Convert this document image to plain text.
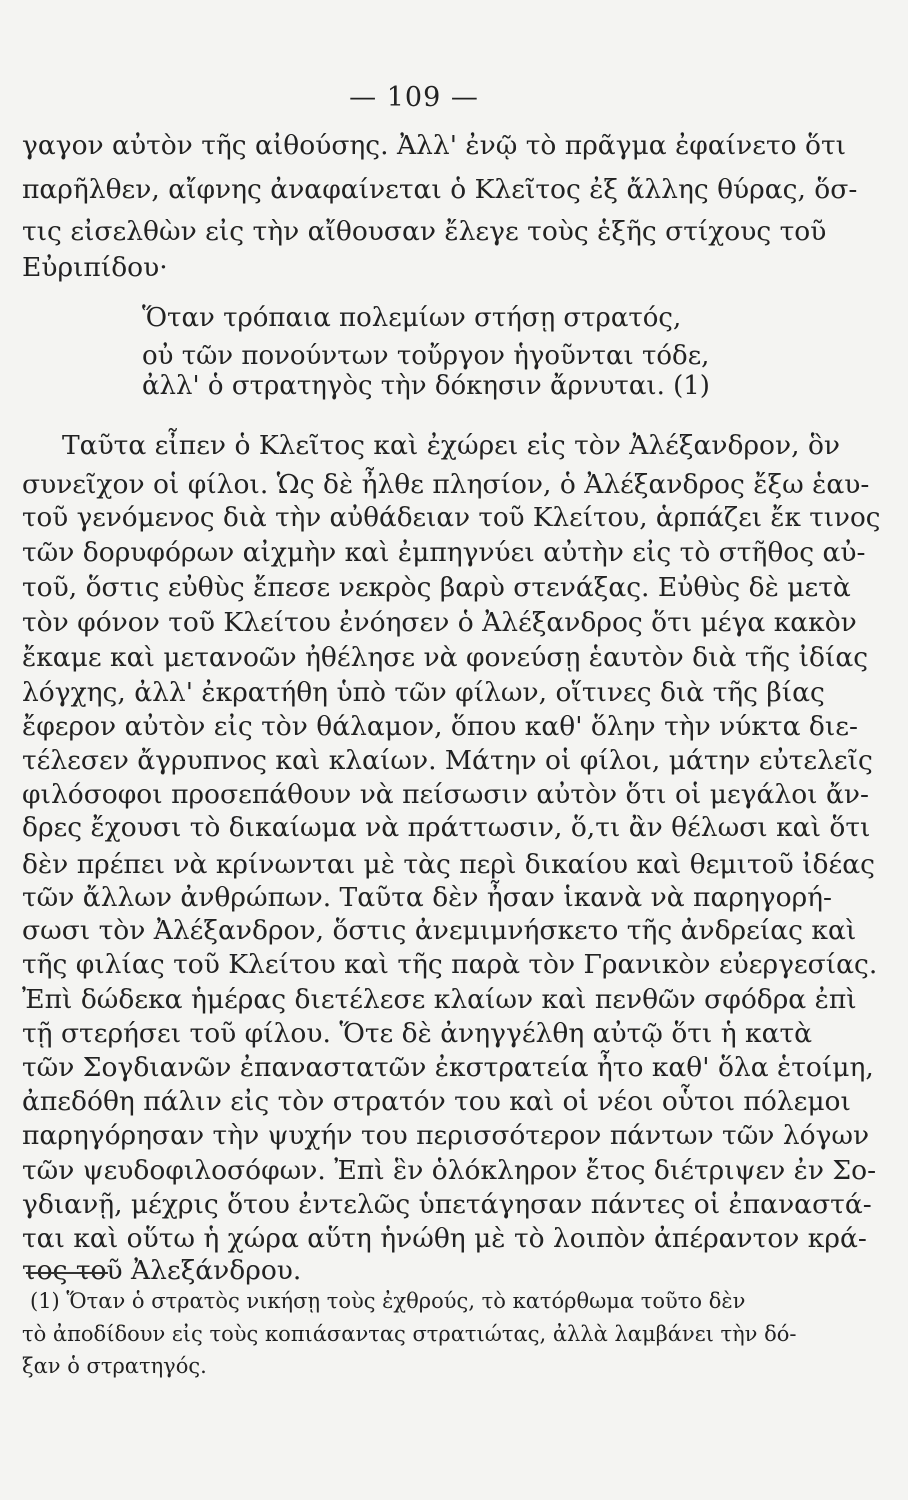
— 109 —
γαγον αὐτὸν τῆς αἰθούσης. Ἀλλ' ἐνῷ τὸ πρᾶγμα ἐφαίνετο ὅτι
παρῆλθεν, αἴφνης ἀναφαίνεται ὁ Κλεῖτος ἐξ ἄλλης θύρας, ὅσ-
τις εἰσελθὼν εἰς τὴν αἴθουσαν ἔλεγε τοὺς ἑξῆς στίχους τοῦ
Εὐριπίδου·
Ὅταν τρόπαια πολεμίων στήσῃ στρατός,
οὐ τῶν πονούντων τοὔργον ἡγοῦνται τόδε,
ἀλλ' ὁ στρατηγὸς τὴν δόκησιν ἄρνυται. (1)
Ταῦτα εἶπεν ὁ Κλεῖτος καὶ ἐχώρει εἰς τὸν Ἀλέξανδρον, ὃν
συνεῖχον οἱ φίλοι. Ὡς δὲ ἦλθε πλησίον, ὁ Ἀλέξανδρος ἔξω ἑαυ-
τοῦ γενόμενος διὰ τὴν αὐθάδειαν τοῦ Κλείτου, ἁρπάζει ἔκ τινος
τῶν δορυφόρων αἰχμὴν καὶ ἐμπηγνύει αὐτὴν εἰς τὸ στῆθος αὐ-
τοῦ, ὅστις εὐθὺς ἔπεσε νεκρὸς βαρὺ στενάξας. Εὐθὺς δὲ μετὰ
τὸν φόνον τοῦ Κλείτου ἐνόησεν ὁ Ἀλέξανδρος ὅτι μέγα κακὸν
ἔκαμε καὶ μετανοῶν ἠθέλησε νὰ φονεύσῃ ἑαυτὸν διὰ τῆς ἰδίας
λόγχης, ἀλλ' ἐκρατήθη ὑπὸ τῶν φίλων, οἵτινες διὰ τῆς βίας
ἔφερον αὐτὸν εἰς τὸν θάλαμον, ὅπου καθ' ὅλην τὴν νύκτα διε-
τέλεσεν ἄγρυπνος καὶ κλαίων. Μάτην οἱ φίλοι, μάτην εὐτελεῖς
φιλόσοφοι προσεπάθουν νὰ πείσωσιν αὐτὸν ὅτι οἱ μεγάλοι ἄν-
δρες ἔχουσι τὸ δικαίωμα νὰ πράττωσιν, ὅ,τι ἂν θέλωσι καὶ ὅτι
δὲν πρέπει νὰ κρίνωνται μὲ τὰς περὶ δικαίου καὶ θεμιτοῦ ἰδέας
τῶν ἄλλων ἀνθρώπων. Ταῦτα δὲν ἦσαν ἱκανὰ νὰ παρηγορή-
σωσι τὸν Ἀλέξανδρον, ὅστις ἀνεμιμνήσκετο τῆς ἀνδρείας καὶ
τῆς φιλίας τοῦ Κλείτου καὶ τῆς παρὰ τὸν Γρανικὸν εὐεργεσίας.
Ἐπὶ δώδεκα ἡμέρας διετέλεσε κλαίων καὶ πενθῶν σφόδρα ἐπὶ
τῇ στερήσει τοῦ φίλου. Ὅτε δὲ ἀνηγγέλθη αὐτῷ ὅτι ἡ κατὰ
τῶν Σογδιανῶν ἐπαναστατῶν ἐκστρατεία ἦτο καθ' ὅλα ἑτοίμη,
ἀπεδόθη πάλιν εἰς τὸν στρατόν του καὶ οἱ νέοι οὗτοι πόλεμοι
παρηγόρησαν τὴν ψυχήν του περισσότερον πάντων τῶν λόγων
τῶν ψευδοφιλοσόφων. Ἐπὶ ἓν ὁλόκληρον ἔτος διέτριψεν ἐν Σο-
γδιανῇ, μέχρις ὅτου ἐντελῶς ὑπετάγησαν πάντες οἱ ἐπαναστά-
ται καὶ οὕτω ἡ χώρα αὕτη ἡνώθη μὲ τὸ λοιπὸν ἀπέραντον κρά-
τος τοῦ Ἀλεξάνδρου.
(1) Ὅταν ὁ στρατὸς νικήσῃ τοὺς ἐχθρούς, τὸ κατόρθωμα τοῦτο δὲν
τὸ ἀποδίδουν εἰς τοὺς κοπιάσαντας στρατιώτας, ἀλλὰ λαμβάνει τὴν δό-
ξαν ὁ στρατηγός.
